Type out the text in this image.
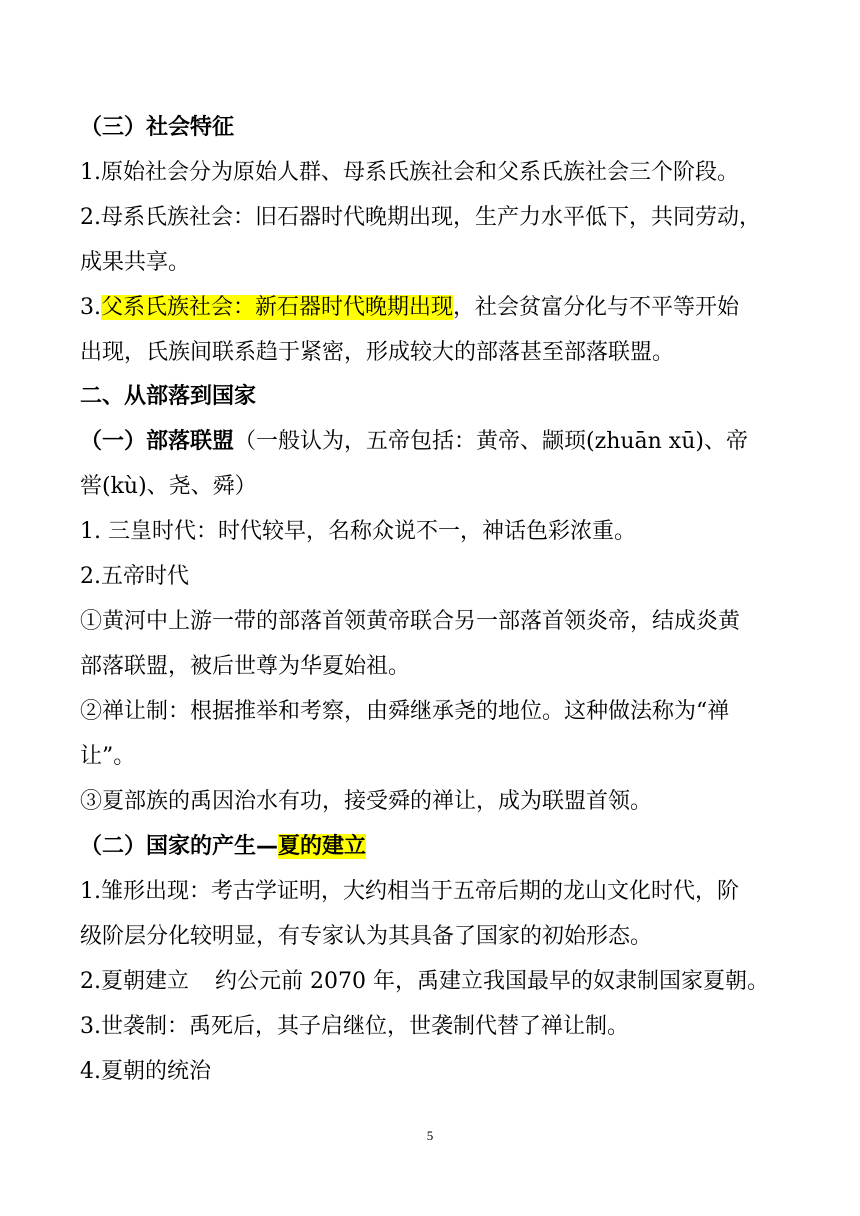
（三）社会特征
1.原始社会分为原始人群、母系氏族社会和父系氏族社会三个阶段。
2.母系氏族社会：旧石器时代晚期出现，生产力水平低下，共同劳动，
成果共享。
3.父系氏族社会：新石器时代晚期出现，社会贫富分化与不平等开始
出现，氏族间联系趋于紧密，形成较大的部落甚至部落联盟。
二、从部落到国家
（一）部落联盟（一般认为，五帝包括：黄帝、颛顼(zhuān xū)、帝
喾(kù)、尧、舜）
1. 三皇时代：时代较早，名称众说不一，神话色彩浓重。
2.五帝时代
①黄河中上游一带的部落首领黄帝联合另一部落首领炎帝，结成炎黄
部落联盟，被后世尊为华夏始祖。
②禅让制：根据推举和考察，由舜继承尧的地位。这种做法称为“禅
让”。
③夏部族的禹因治水有功，接受舜的禅让，成为联盟首领。
（二）国家的产生—夏的建立
1.雏形出现：考古学证明，大约相当于五帝后期的龙山文化时代，阶
级阶层分化较明显，有专家认为其具备了国家的初始形态。
2.夏朝建立 约公元前 2070 年，禹建立我国最早的奴隶制国家夏朝。
3.世袭制：禹死后，其子启继位，世袭制代替了禅让制。
4.夏朝的统治
5
